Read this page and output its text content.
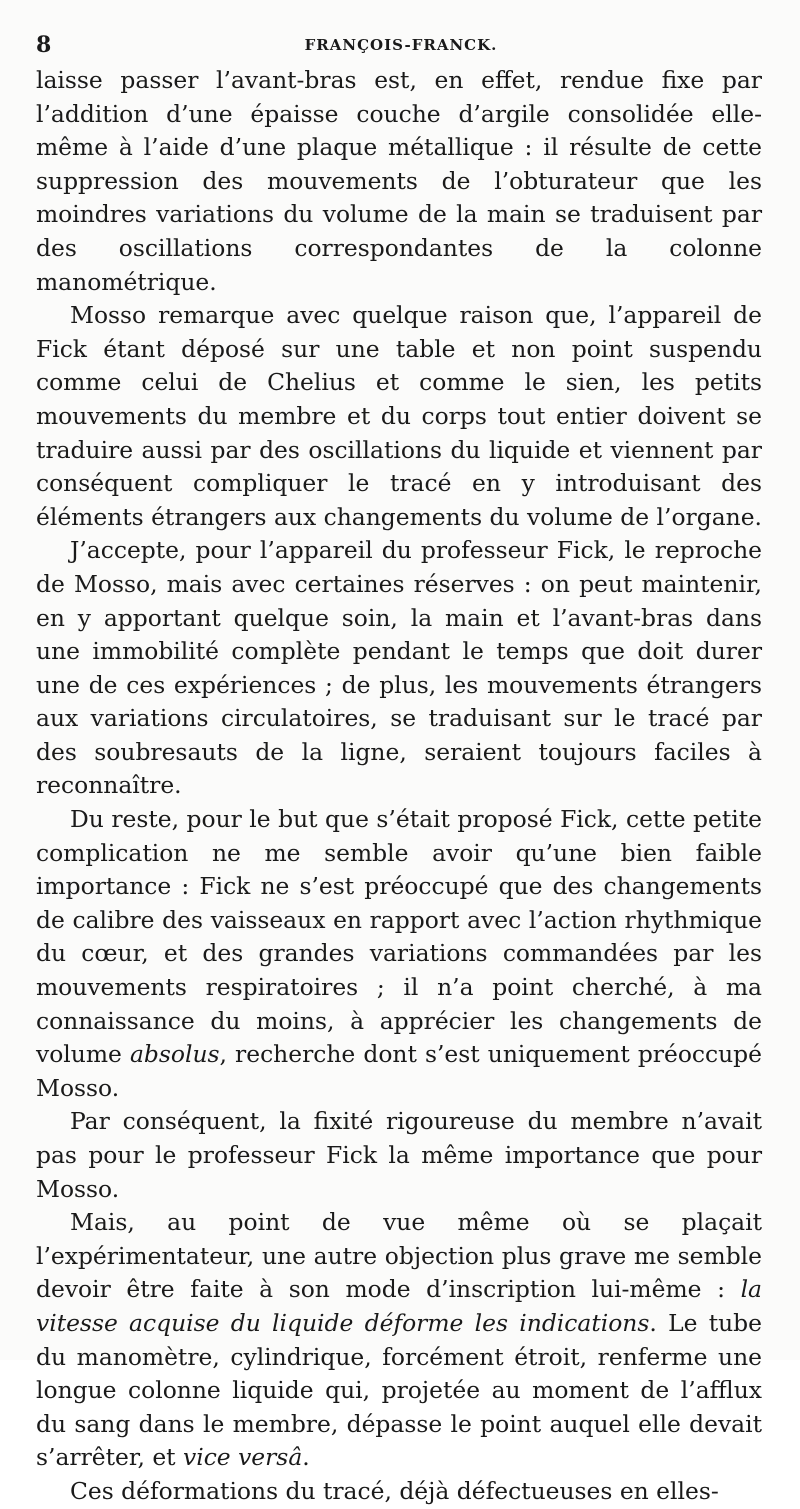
8	FRANÇOIS-FRANCK.

laisse passer l’avant-bras est, en effet, rendue fixe par l’addition d’une épaisse couche d’argile consolidée elle-même à l’aide d’une plaque métallique : il résulte de cette suppression des mouvements de l’obturateur que les moindres variations du volume de la main se traduisent par des oscillations correspondantes de la colonne manométrique.

Mosso remarque avec quelque raison que, l’appareil de Fick étant déposé sur une table et non point suspendu comme celui de Chelius et comme le sien, les petits mouvements du membre et du corps tout entier doivent se traduire aussi par des oscillations du liquide et viennent par conséquent compliquer le tracé en y introduisant des éléments étrangers aux changements du volume de l’organe.

J’accepte, pour l’appareil du professeur Fick, le reproche de Mosso, mais avec certaines réserves : on peut maintenir, en y apportant quelque soin, la main et l’avant-bras dans une immobilité complète pendant le temps que doit durer une de ces expériences ; de plus, les mouvements étrangers aux variations circulatoires, se traduisant sur le tracé par des soubresauts de la ligne, seraient toujours faciles à reconnaître.

Du reste, pour le but que s’était proposé Fick, cette petite complication ne me semble avoir qu’une bien faible importance : Fick ne s’est préoccupé que des changements de calibre des vaisseaux en rapport avec l’action rhythmique du cœur, et des grandes variations commandées par les mouvements respiratoires ; il n’a point cherché, à ma connaissance du moins, à apprécier les changements de volume absolus, recherche dont s’est uniquement préoccupé Mosso.

Par conséquent, la fixité rigoureuse du membre n’avait pas pour le professeur Fick la même importance que pour Mosso.

Mais, au point de vue même où se plaçait l’expérimentateur, une autre objection plus grave me semble devoir être faite à son mode d’inscription lui-même : la vitesse acquise du liquide déforme les indications. Le tube du manomètre, cylindrique, forcément étroit, renferme une longue colonne liquide qui, projetée au moment de l’afflux du sang dans le membre, dépasse le point auquel elle devait s’arrêter, et vice versâ.

Ces déformations du tracé, déjà défectueuses en elles-
